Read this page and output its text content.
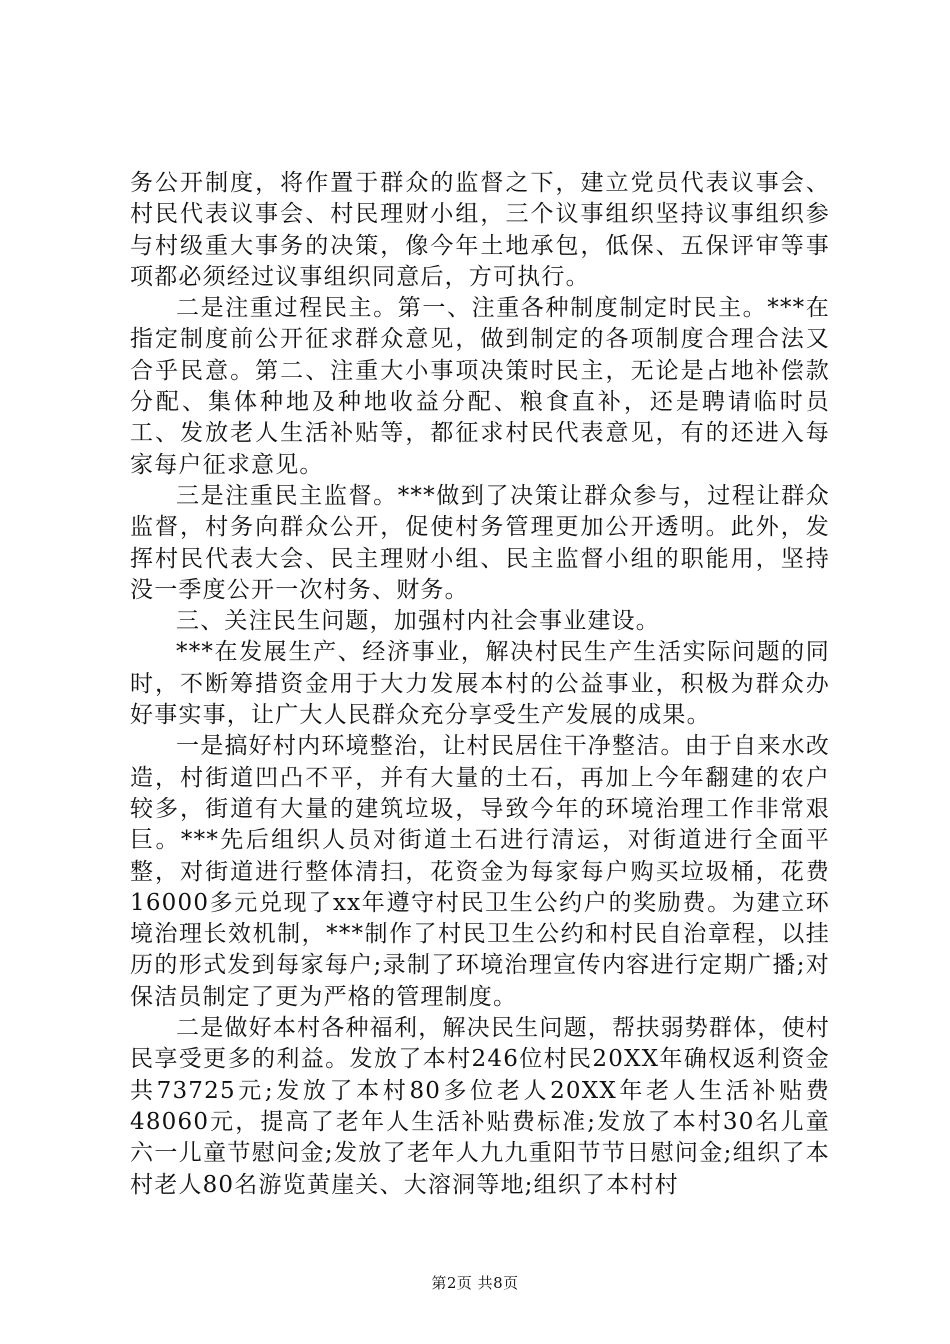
务公开制度，将作置于群众的监督之下，建立党员代表议事会、村民代表议事会、村民理财小组，三个议事组织坚持议事组织参与村级重大事务的决策，像今年土地承包，低保、五保评审等事项都必须经过议事组织同意后，方可执行。

二是注重过程民主。第一、注重各种制度制定时民主。***在指定制度前公开征求群众意见，做到制定的各项制度合理合法又合乎民意。第二、注重大小事项决策时民主，无论是占地补偿款分配、集体种地及种地收益分配、粮食直补，还是聘请临时员工、发放老人生活补贴等，都征求村民代表意见，有的还进入每家每户征求意见。

三是注重民主监督。***做到了决策让群众参与，过程让群众监督，村务向群众公开，促使村务管理更加公开透明。此外，发挥村民代表大会、民主理财小组、民主监督小组的职能用，坚持没一季度公开一次村务、财务。

三、关注民生问题，加强村内社会事业建设。

***在发展生产、经济事业，解决村民生产生活实际问题的同时，不断筹措资金用于大力发展本村的公益事业，积极为群众办好事实事，让广大人民群众充分享受生产发展的成果。

一是搞好村内环境整治，让村民居住干净整洁。由于自来水改造，村街道凹凸不平，并有大量的土石，再加上今年翻建的农户较多，街道有大量的建筑垃圾，导致今年的环境治理工作非常艰巨。***先后组织人员对街道土石进行清运，对街道进行全面平整，对街道进行整体清扫，花资金为每家每户购买垃圾桶，花费16000多元兑现了xx年遵守村民卫生公约户的奖励费。为建立环境治理长效机制，***制作了村民卫生公约和村民自治章程，以挂历的形式发到每家每户;录制了环境治理宣传内容进行定期广播;对保洁员制定了更为严格的管理制度。

二是做好本村各种福利，解决民生问题，帮扶弱势群体，使村民享受更多的利益。发放了本村246位村民20XX年确权返利资金共73725元;发放了本村80多位老人20XX年老人生活补贴费48060元，提高了老年人生活补贴费标准;发放了本村30名儿童六一儿童节慰问金;发放了老年人九九重阳节节日慰问金;组织了本村老人80名游览黄崖关、大溶洞等地;组织了本村村

第2页 共8页
